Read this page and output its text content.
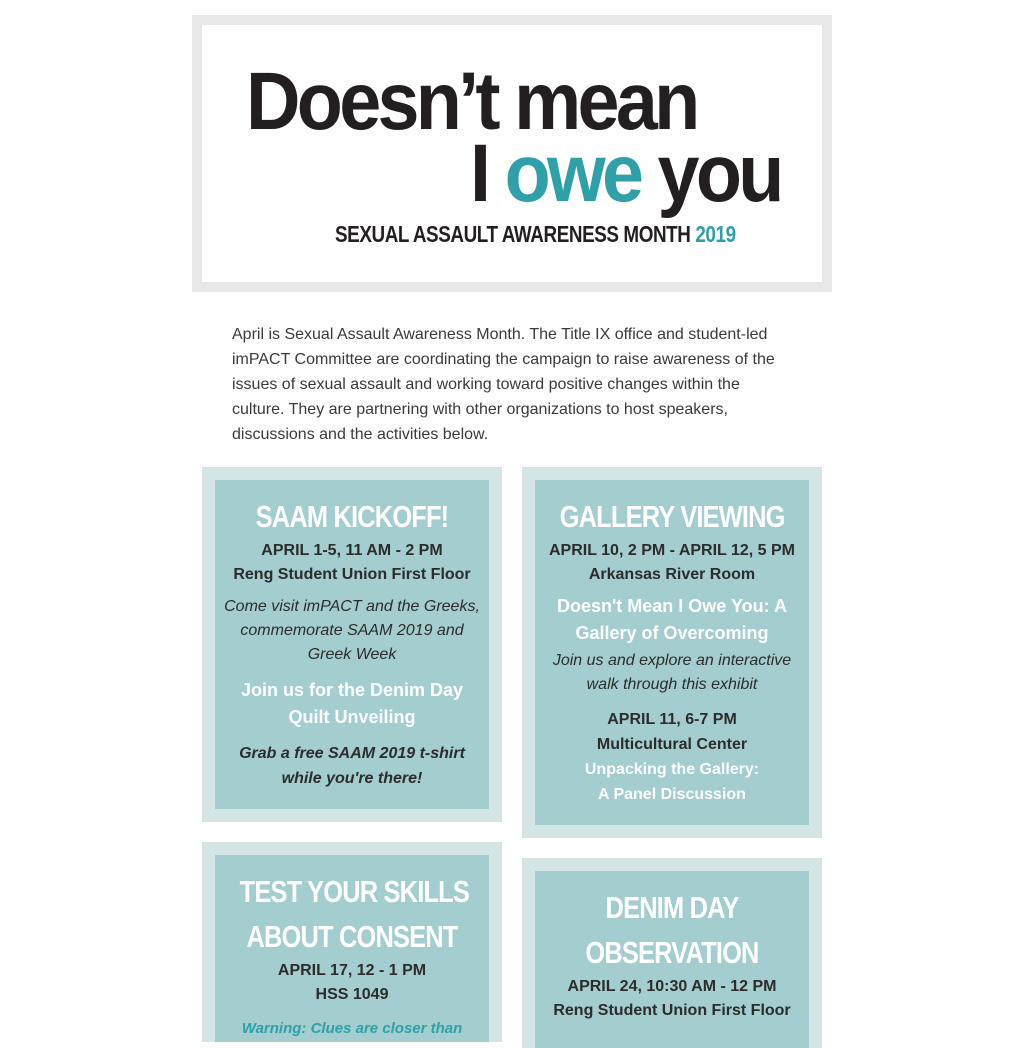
Doesn’t mean
I owe you
SEXUAL ASSAULT AWARENESS MONTH 2019

April is Sexual Assault Awareness Month. The Title IX office and student-led imPACT Committee are coordinating the campaign to raise awareness of the issues of sexual assault and working toward positive changes within the culture. They are partnering with other organizations to host speakers, discussions and the activities below.

SAAM KICKOFF!
APRIL 1-5, 11 AM - 2 PM
Reng Student Union First Floor
Come visit imPACT and the Greeks, commemorate SAAM 2019 and Greek Week
Join us for the Denim Day Quilt Unveiling
Grab a free SAAM 2019 t-shirt while you're there!
GALLERY VIEWING
APRIL 10, 2 PM - APRIL 12, 5 PM
Arkansas River Room
Doesn't Mean I Owe You: A Gallery of Overcoming
Join us and explore an interactive walk through this exhibit
APRIL 11, 6-7 PM
Multicultural Center
Unpacking the Gallery:
A Panel Discussion
TEST YOUR SKILLS
ABOUT CONSENT
APRIL 17, 12 - 1 PM
HSS 1049
Warning: Clues are closer than
DENIM DAY
OBSERVATION
APRIL 24, 10:30 AM - 12 PM
Reng Student Union First Floor
